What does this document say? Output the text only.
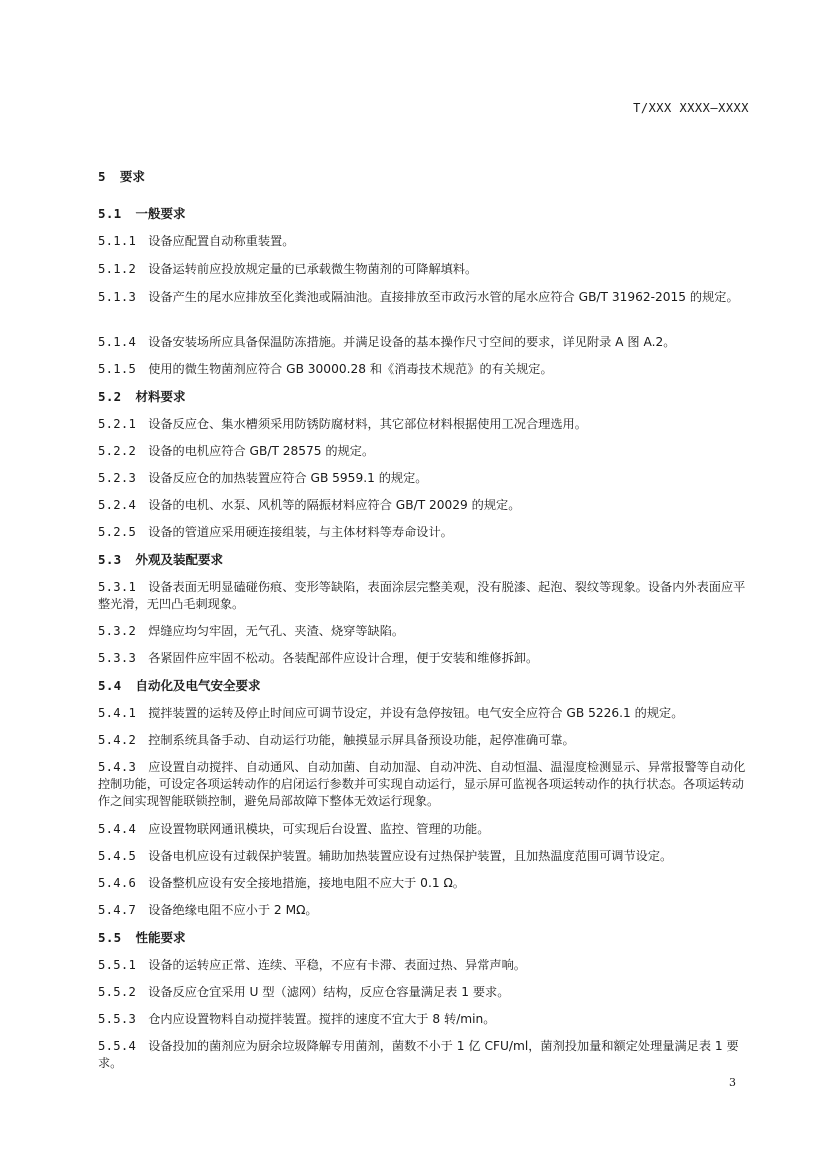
T/XXX XXXX—XXXX
5 要求
5.1 一般要求
5.1.1 设备应配置自动称重装置。
5.1.2 设备运转前应投放规定量的已承载微生物菌剂的可降解填料。
5.1.3 设备产生的尾水应排放至化粪池或隔油池。直接排放至市政污水管的尾水应符合 GB/T 31962-2015 的规定。
5.1.4 设备安装场所应具备保温防冻措施。并满足设备的基本操作尺寸空间的要求，详见附录 A 图 A.2。
5.1.5 使用的微生物菌剂应符合 GB 30000.28 和《消毒技术规范》的有关规定。
5.2 材料要求
5.2.1 设备反应仓、集水槽须采用防锈防腐材料，其它部位材料根据使用工况合理选用。
5.2.2 设备的电机应符合 GB/T 28575 的规定。
5.2.3 设备反应仓的加热装置应符合 GB 5959.1 的规定。
5.2.4 设备的电机、水泵、风机等的隔振材料应符合 GB/T 20029 的规定。
5.2.5 设备的管道应采用硬连接组装，与主体材料等寿命设计。
5.3 外观及装配要求
5.3.1 设备表面无明显磕碰伤痕、变形等缺陷，表面涂层完整美观，没有脱漆、起泡、裂纹等现象。设备内外表面应平整光滑，无凹凸毛刺现象。
5.3.2 焊缝应均匀牢固，无气孔、夹渣、烧穿等缺陷。
5.3.3 各紧固件应牢固不松动。各装配部件应设计合理，便于安装和维修拆卸。
5.4 自动化及电气安全要求
5.4.1 搅拌装置的运转及停止时间应可调节设定，并设有急停按钮。电气安全应符合 GB 5226.1 的规定。
5.4.2 控制系统具备手动、自动运行功能，触摸显示屏具备预设功能，起停准确可靠。
5.4.3 应设置自动搅拌、自动通风、自动加菌、自动加湿、自动冲洗、自动恒温、温湿度检测显示、异常报警等自动化控制功能，可设定各项运转动作的启闭运行参数并可实现自动运行，显示屏可监视各项运转动作的执行状态。各项运转动作之间实现智能联锁控制，避免局部故障下整体无效运行现象。
5.4.4 应设置物联网通讯模块，可实现后台设置、监控、管理的功能。
5.4.5 设备电机应设有过载保护装置。辅助加热装置应设有过热保护装置，且加热温度范围可调节设定。
5.4.6 设备整机应设有安全接地措施，接地电阻不应大于 0.1 Ω。
5.4.7 设备绝缘电阻不应小于 2 MΩ。
5.5 性能要求
5.5.1 设备的运转应正常、连续、平稳，不应有卡滞、表面过热、异常声响。
5.5.2 设备反应仓宜采用 U 型（滤网）结构，反应仓容量满足表 1 要求。
5.5.3 仓内应设置物料自动搅拌装置。搅拌的速度不宜大于 8 转/min。
5.5.4 设备投加的菌剂应为厨余垃圾降解专用菌剂，菌数不小于 1 亿 CFU/ml，菌剂投加量和额定处理量满足表 1 要求。
3
